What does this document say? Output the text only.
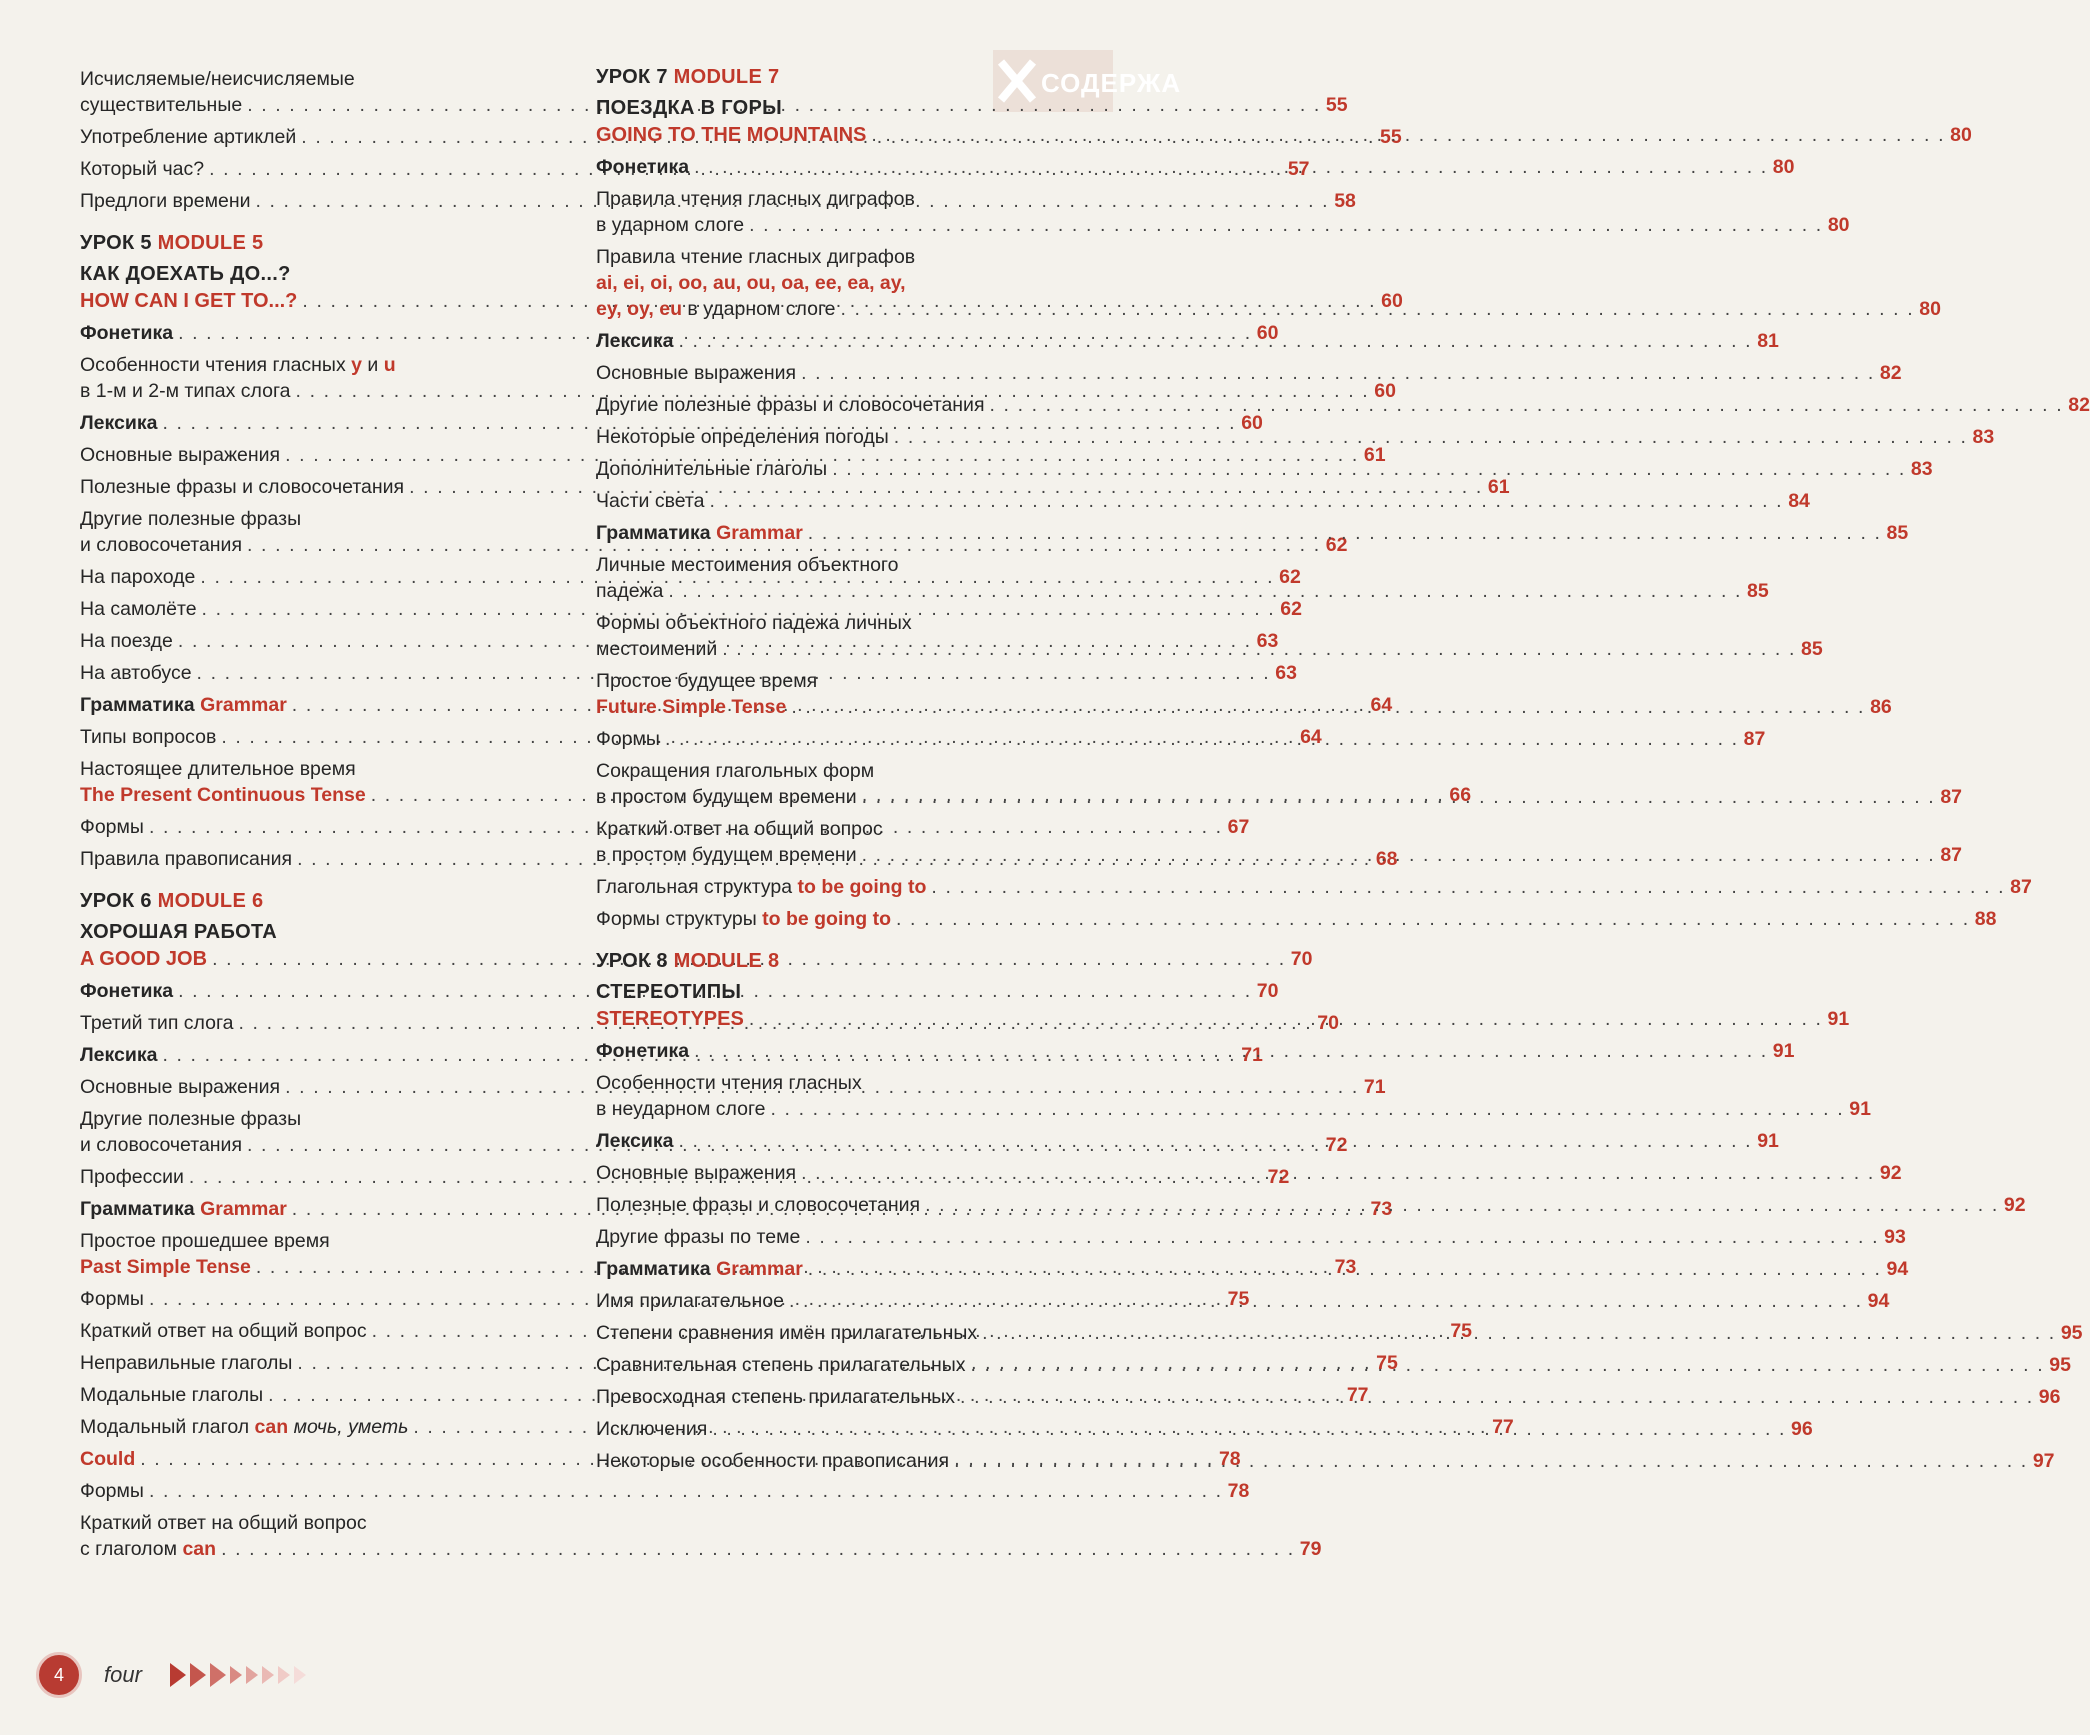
СОДЕРЖА
Исчисляемые/неисчисляемые
существительные . . .	55
Употребление артиклей . . .	55
Который час? . . .	57
Предлоги времени . . .	58
УРОК 5 MODULE 5
КАК ДОЕХАТЬ ДО...?
HOW CAN I GET TO...? . . .	60
Фонетика . . .	60
Особенности чтения гласных y и u
в 1-м и 2-м типах слога . . .	60
Лексика . . .	60
Основные выражения . . .	61
Полезные фразы и словосочетания . . .	61
Другие полезные фразы
и словосочетания . . .	62
На пароходе . . .	62
На самолёте . . .	62
На поезде . . .	63
На автобусе . . .	63
Грамматика Grammar . . .	64
Типы вопросов . . .	64
Настоящее длительное время
The Present Continuous Tense . . .	66
Формы . . .	67
Правила правописания . . .	68
УРОК 6 MODULE 6
ХОРОШАЯ РАБОТА
A GOOD JOB . . .	70
Фонетика . . .	70
Третий тип слога . . .	70
Лексика . . .	71
Основные выражения . . .	71
Другие полезные фразы
и словосочетания . . .	72
Профессии . . .	72
Грамматика Grammar . . .	73
Простое прошедшее время
Past Simple Tense . . .	73
Формы . . .	75
Краткий ответ на общий вопрос . . .	75
Неправильные глаголы . . .	75
Модальные глаголы . . .	77
Модальный глагол can мочь, уметь . . .	77
Could . . .	78
Формы . . .	78
Краткий ответ на общий вопрос
с глаголом can . . .	79
УРОК 7 MODULE 7
ПОЕЗДКА В ГОРЫ
GOING TO THE MOUNTAINS . . .	80
Фонетика . . .	80
Правила чтения гласных диграфов
в ударном слоге . . .	80
Правила чтение гласных диграфов
ai, ei, oi, oo, au, ou, oa, ee, ea, ay,
ey, oy, eu в ударном слоге . . .	80
Лексика . . .	81
Основные выражения . . .	82
Другие полезные фразы и словосочетания . . .	82
Некоторые определения погоды . . .	83
Дополнительные глаголы . . .	83
Части света . . .	84
Грамматика Grammar . . .	85
Личные местоимения объектного
падежа . . .	85
Формы объектного падежа личных
местоимений . . .	85
Простое будущее время
Future Simple Tense . . .	86
Формы . . .	87
Сокращения глагольных форм
в простом будущем времени . . .	87
Краткий ответ на общий вопрос
в простом будущем времени . . .	87
Глагольная структура to be going to . . .	87
Формы структуры to be going to . . .	88
УРОК 8 MODULE 8
СТЕРЕОТИПЫ
STEREOTYPES . . .	91
Фонетика . . .	91
Особенности чтения гласных
в неударном слоге . . .	91
Лексика . . .	91
Основные выражения . . .	92
Полезные фразы и словосочетания . . .	92
Другие фразы по теме . . .	93
Грамматика Grammar . . .	94
Имя прилагательное . . .	94
Степени сравнения имён прилагательных . . .	95
Сравнительная степень прилагательных . . .	95
Превосходная степень прилагательных . . .	96
Исключения . . .	96
Некоторые особенности правописания . . .	97
4	four
